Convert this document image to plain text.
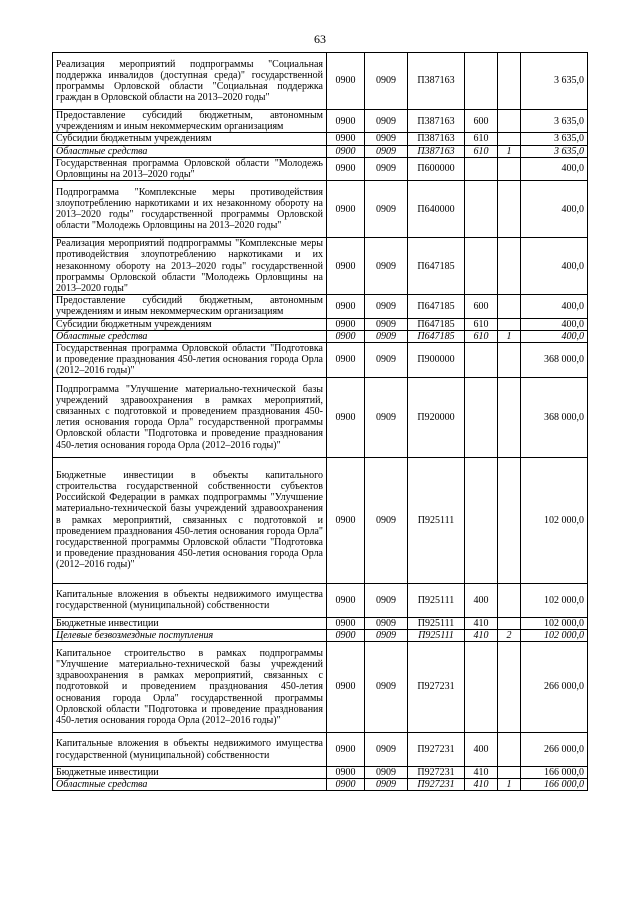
63
Реализация мероприятий подпрограммы "Социальная поддержка инвалидов (доступная среда)" государственной программы Орловской области "Социальная поддержка граждан в Орловской области на 2013–2020 годы"	0900	0909	П387163			3 635,0
Предоставление субсидий бюджетным, автономным учреждениям и иным некоммерческим организациям	0900	0909	П387163	600		3 635,0
Субсидии бюджетным учреждениям	0900	0909	П387163	610		3 635,0
Областные средства	0900	0909	П387163	610	1	3 635,0
Государственная программа Орловской области "Молодежь Орловщины на 2013–2020 годы"	0900	0909	П600000			400,0
Подпрограмма "Комплексные меры противодействия злоупотреблению наркотиками и их незаконному обороту на 2013–2020 годы" государственной программы Орловской области "Молодежь Орловщины на 2013–2020 годы"	0900	0909	П640000			400,0
Реализация мероприятий подпрограммы "Комплексные меры противодействия злоупотреблению наркотиками и их незаконному обороту на 2013–2020 годы" государственной программы Орловской области "Молодежь Орловщины на 2013–2020 годы"	0900	0909	П647185			400,0
Предоставление субсидий бюджетным, автономным учреждениям и иным некоммерческим организациям	0900	0909	П647185	600		400,0
Субсидии бюджетным учреждениям	0900	0909	П647185	610		400,0
Областные средства	0900	0909	П647185	610	1	400,0
Государственная программа Орловской области "Подготовка и проведение празднования 450-летия основания города Орла (2012–2016 годы)"	0900	0909	П900000			368 000,0
Подпрограмма "Улучшение материально-технической базы учреждений здравоохранения в рамках мероприятий, связанных с подготовкой и проведением празднования 450-летия основания города Орла" государственной программы Орловской области "Подготовка и проведение празднования 450-летия основания города Орла (2012–2016 годы)"	0900	0909	П920000			368 000,0
Бюджетные инвестиции в объекты капитального строительства государственной собственности субъектов Российской Федерации в рамках подпрограммы "Улучшение материально-технической базы учреждений здравоохранения в рамках мероприятий, связанных с подготовкой и проведением празднования 450-летия основания города Орла" государственной программы Орловской области "Подготовка и проведение празднования 450-летия основания города Орла (2012–2016 годы)"	0900	0909	П925111			102 000,0
Капитальные вложения в объекты недвижимого имущества государственной (муниципальной) собственности	0900	0909	П925111	400		102 000,0
Бюджетные инвестиции	0900	0909	П925111	410		102 000,0
Целевые безвозмездные поступления	0900	0909	П925111	410	2	102 000,0
Капитальное строительство в рамках подпрограммы "Улучшение материально-технической базы учреждений здравоохранения в рамках мероприятий, связанных с подготовкой и проведением празднования 450-летия основания города Орла" государственной программы Орловской области "Подготовка и проведение празднования 450-летия основания города Орла (2012–2016 годы)"	0900	0909	П927231			266 000,0
Капитальные вложения в объекты недвижимого имущества государственной (муниципальной) собственности	0900	0909	П927231	400		266 000,0
Бюджетные инвестиции	0900	0909	П927231	410		166 000,0
Областные средства	0900	0909	П927231	410	1	166 000,0
